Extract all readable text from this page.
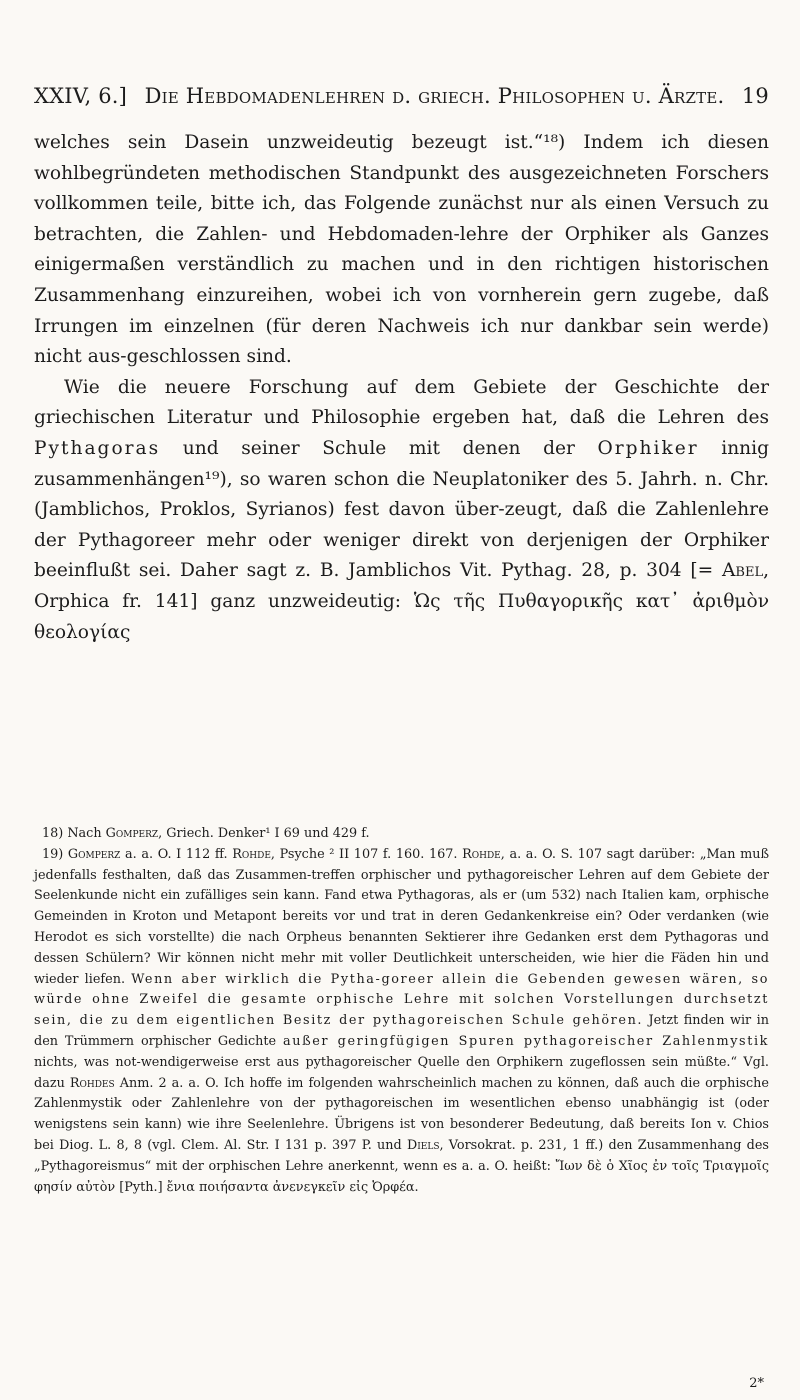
XXIV, 6.] Die Hebdomadenlehren d. griech. Philosophen u. Ärzte. 19

welches sein Dasein unzweideutig bezeugt ist.“¹⁸) Indem ich diesen wohlbegründeten methodischen Standpunkt des ausgezeichneten Forschers vollkommen teile, bitte ich, das Folgende zunächst nur als einen Versuch zu betrachten, die Zahlen- und Hebdomaden-lehre der Orphiker als Ganzes einigermaßen verständlich zu machen und in den richtigen historischen Zusammenhang einzureihen, wobei ich von vornherein gern zugebe, daß Irrungen im einzelnen (für deren Nachweis ich nur dankbar sein werde) nicht aus-geschlossen sind.

Wie die neuere Forschung auf dem Gebiete der Geschichte der griechischen Literatur und Philosophie ergeben hat, daß die Lehren des Pythagoras und seiner Schule mit denen der Orphiker innig zusammenhängen¹⁹), so waren schon die Neuplatoniker des 5. Jahrh. n. Chr. (Jamblichos, Proklos, Syrianos) fest davon über-zeugt, daß die Zahlenlehre der Pythagoreer mehr oder weniger direkt von derjenigen der Orphiker beeinflußt sei. Daher sagt z. B. Jamblichos Vit. Pythag. 28, p. 304 [= Abel, Orphica fr. 141] ganz unzweideutig: Ὡς τῆς Πυθαγορικῆς κατ᾽ ἀριθμὸν θεολογίας

18) Nach Gomperz, Griech. Denker¹ I 69 und 429 f.

19) Gomperz a. a. O. I 112 ff. Rohde, Psyche ² II 107 f. 160. 167. Rohde, a. a. O. S. 107 sagt darüber: „Man muß jedenfalls festhalten, daß das Zusammen-treffen orphischer und pythagoreischer Lehren auf dem Gebiete der Seelenkunde nicht ein zufälliges sein kann. Fand etwa Pythagoras, als er (um 532) nach Italien kam, orphische Gemeinden in Kroton und Metapont bereits vor und trat in deren Gedankenkreise ein? Oder verdanken (wie Herodot es sich vorstellte) die nach Orpheus benannten Sektierer ihre Gedanken erst dem Pythagoras und dessen Schülern? Wir können nicht mehr mit voller Deutlichkeit unterscheiden, wie hier die Fäden hin und wieder liefen. Wenn aber wirklich die Pytha-goreer allein die Gebenden gewesen wären, so würde ohne Zweifel die gesamte orphische Lehre mit solchen Vorstellungen durchsetzt sein, die zu dem eigentlichen Besitz der pythagoreischen Schule gehören. Jetzt finden wir in den Trümmern orphischer Gedichte außer geringfügigen Spuren pythagoreischer Zahlenmystik nichts, was not-wendigerweise erst aus pythagoreischer Quelle den Orphikern zugeflossen sein müßte.“ Vgl. dazu Rohdes Anm. 2 a. a. O. Ich hoffe im folgenden wahrscheinlich machen zu können, daß auch die orphische Zahlenmystik oder Zahlenlehre von der pythagoreischen im wesentlichen ebenso unabhängig ist (oder wenigstens sein kann) wie ihre Seelenlehre. Übrigens ist von besonderer Bedeutung, daß bereits Ion v. Chios bei Diog. L. 8, 8 (vgl. Clem. Al. Str. I 131 p. 397 P. und Diels, Vorsokrat. p. 231, 1 ff.) den Zusammenhang des „Pythagoreismus“ mit der orphischen Lehre anerkennt, wenn es a. a. O. heißt: Ἴων δὲ ὁ Χῖος ἐν τοῖς Τριαγμοῖς φησίν αὐτὸν [Pyth.] ἔνια ποιήσαντα ἀνενεγκεῖν εἰς Ὀρφέα.

2*
